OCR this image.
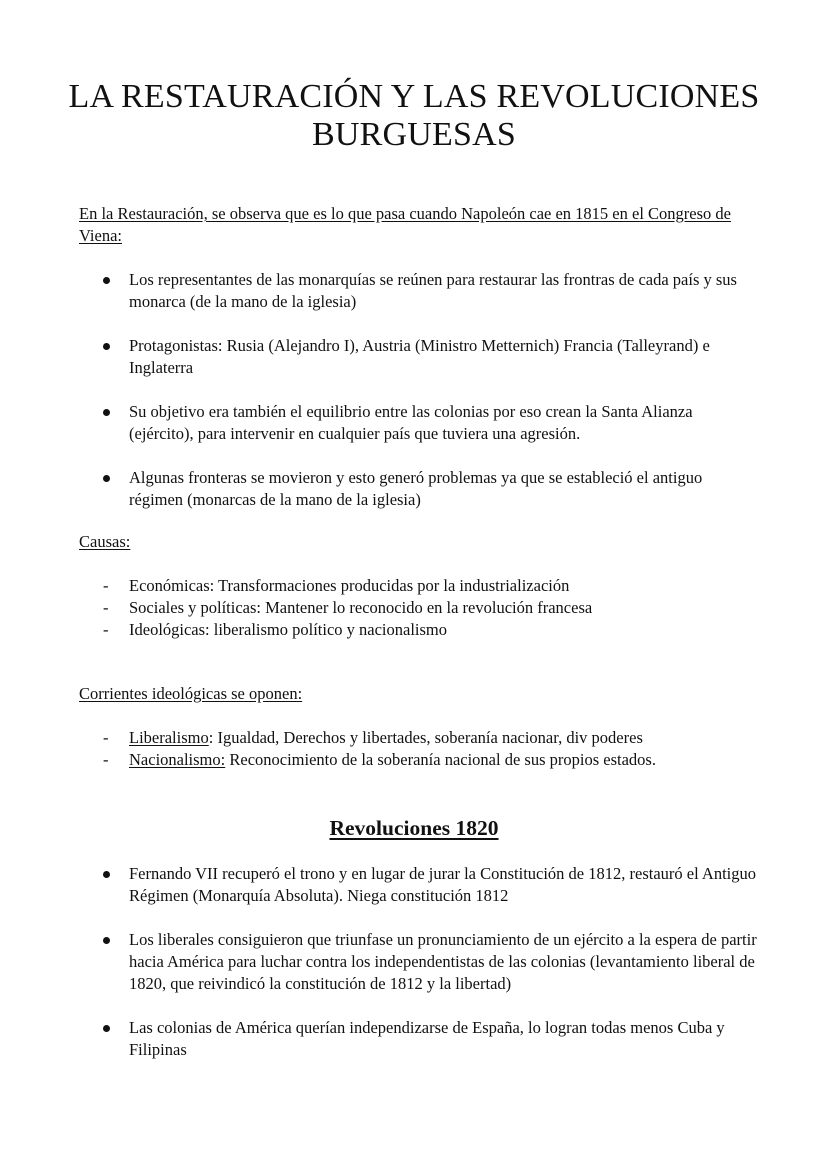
LA RESTAURACIÓN Y LAS REVOLUCIONES BURGUESAS
En la Restauración, se observa que es lo que pasa cuando Napoleón cae en 1815 en el Congreso de Viena:
Los representantes de las monarquías se reúnen para restaurar las frontras de cada país y sus monarca (de la mano de la iglesia)
Protagonistas: Rusia (Alejandro I), Austria (Ministro Metternich) Francia (Talleyrand) e Inglaterra
Su objetivo era también el equilibrio entre las colonias por eso crean la Santa Alianza (ejército), para intervenir en cualquier país que tuviera una agresión.
Algunas fronteras se movieron y esto generó problemas ya que se estableció el antiguo régimen (monarcas de la mano de la iglesia)
Causas:
- Económicas: Transformaciones producidas por la industrialización
- Sociales y políticas: Mantener lo reconocido en la revolución francesa
- Ideológicas: liberalismo político y nacionalismo
Corrientes ideológicas se oponen:
- Liberalismo: Igualdad, Derechos y libertades, soberanía nacionar, div poderes
- Nacionalismo: Reconocimiento de la soberanía nacional de sus propios estados.
Revoluciones 1820
Fernando VII recuperó el trono y en lugar de jurar la Constitución de 1812, restauró el Antiguo Régimen (Monarquía Absoluta). Niega constitución 1812
Los liberales consiguieron que triunfase un pronunciamiento de un ejército a la espera de partir hacia América para luchar contra los independentistas de las colonias (levantamiento liberal de 1820, que reivindicó la constitución de 1812 y la libertad)
Las colonias de América querían independizarse de España, lo logran todas menos Cuba y Filipinas
